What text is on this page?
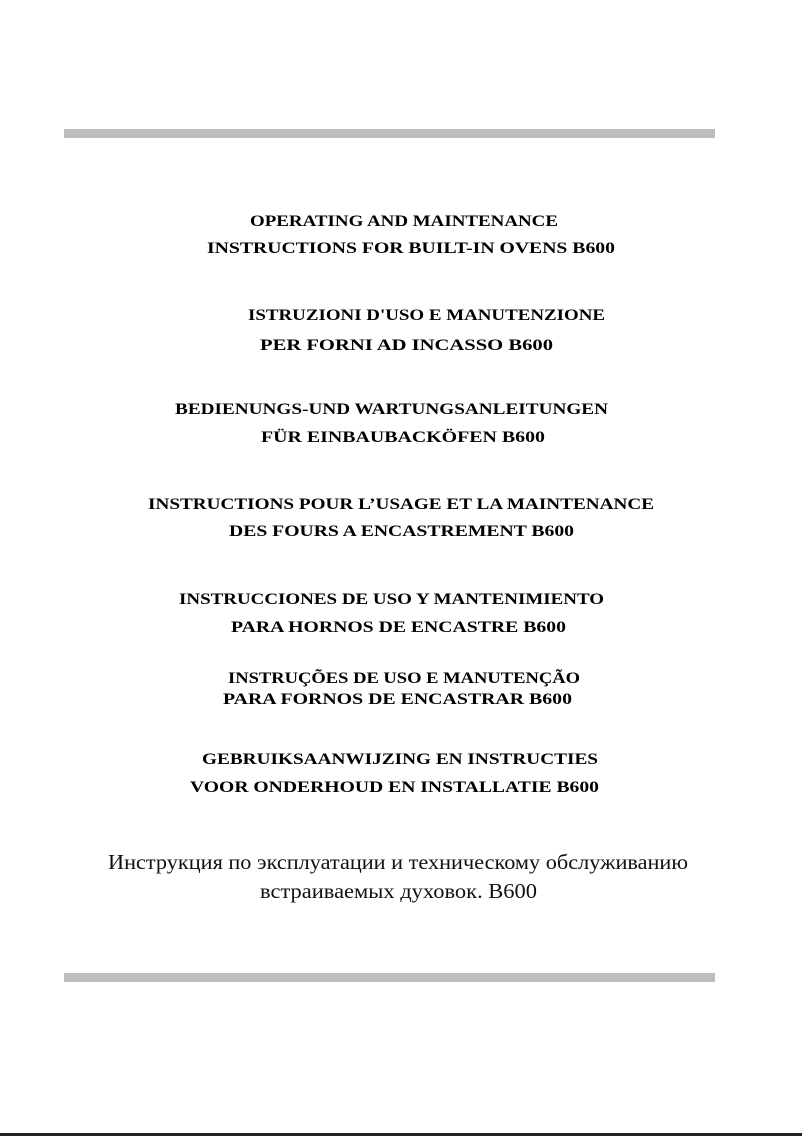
OPERATING AND MAINTENANCE
INSTRUCTIONS FOR BUILT-IN OVENS B600
ISTRUZIONI D'USO E MANUTENZIONE
PER FORNI AD INCASSO B600
BEDIENUNGS-UND WARTUNGSANLEITUNGEN
FÜR EINBAUBACKÖFEN B600
INSTRUCTIONS POUR L’USAGE ET LA MAINTENANCE
DES FOURS A ENCASTREMENT B600
INSTRUCCIONES DE USO Y MANTENIMIENTO
PARA HORNOS DE ENCASTRE B600
INSTRUÇÕES DE USO E MANUTENÇÃO
PARA FORNOS DE ENCASTRAR B600
GEBRUIKSAANWIJZING EN INSTRUCTIES
VOOR ONDERHOUD EN INSTALLATIE B600
Инструкция по эксплуатации и техническому обслуживанию
встраиваемых духовок. B600
